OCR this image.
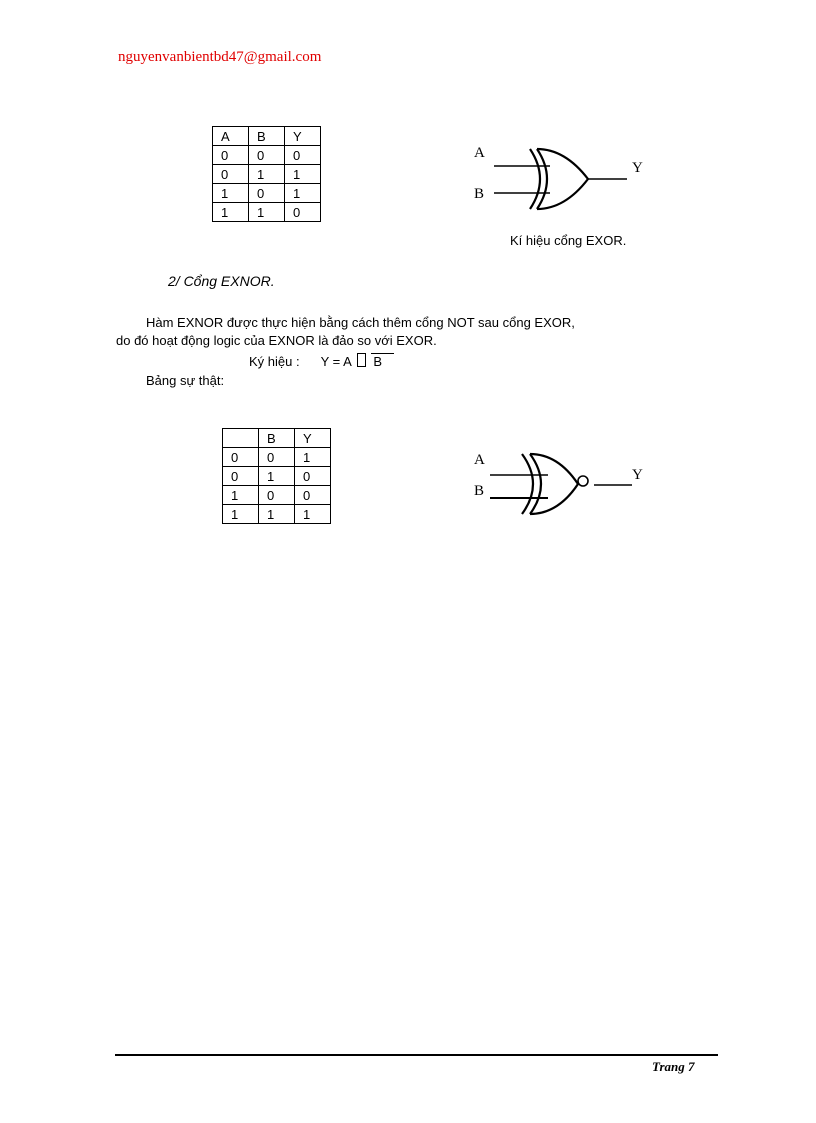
nguyenvanbientbd47@gmail.com
A	B	Y
0	0	0
0	1	1
1	0	1
1	1	0
A
B
Y
Kí hiệu cổng EXOR.
2/ Cổng EXNOR.
Hàm EXNOR được thực hiện bằng cách thêm cổng NOT sau cổng EXOR,
do đó hoạt động logic của EXNOR là đảo so với EXOR.
Ký hiệu : Y = A B
Bảng sự thật:
	B	Y
0	0	1
0	1	0
1	0	0
1	1	1
A
B
Y
Trang 7
